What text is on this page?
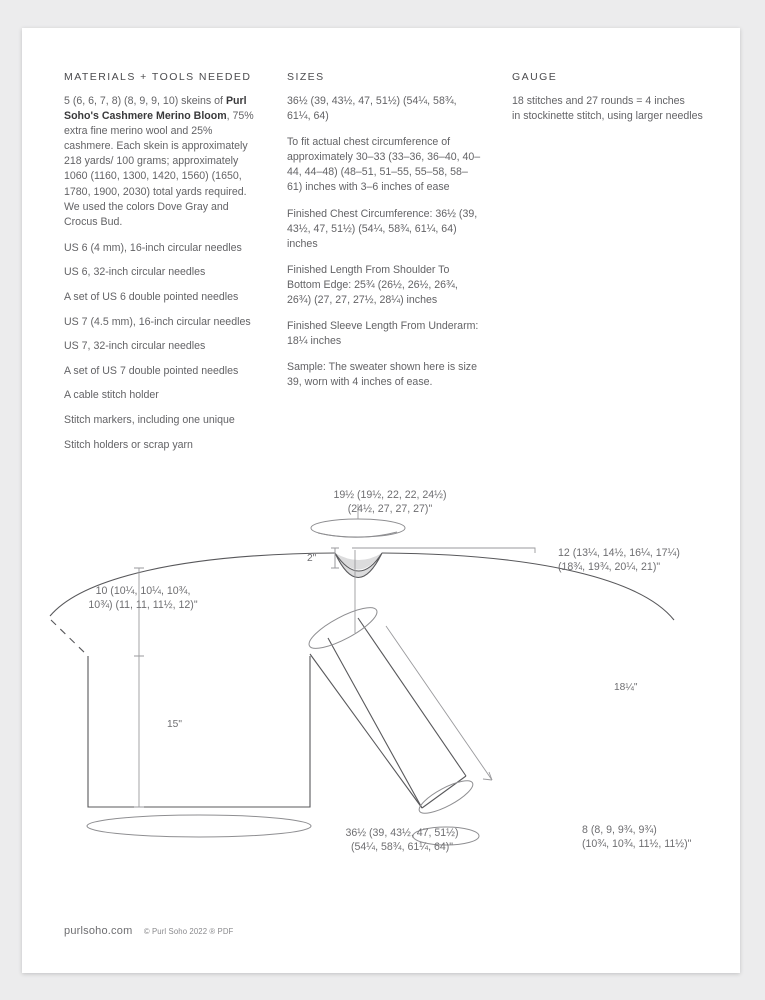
MATERIALS + TOOLS NEEDED

5 (6, 6, 7, 8) (8, 9, 9, 10) skeins of Purl Soho's Cashmere Merino Bloom, 75% extra fine merino wool and 25% cashmere. Each skein is approximately 218 yards/ 100 grams; approximately 1060 (1160, 1300, 1420, 1560) (1650, 1780, 1900, 2030) total yards required. We used the colors Dove Gray and Crocus Bud.

US 6 (4 mm), 16-inch circular needles

US 6, 32-inch circular needles

A set of US 6 double pointed needles

US 7 (4.5 mm), 16-inch circular needles

US 7, 32-inch circular needles

A set of US 7 double pointed needles

A cable stitch holder

Stitch markers, including one unique

Stitch holders or scrap yarn

SIZES

36½ (39, 43½, 47, 51½) (54¼, 58¾, 61¼, 64)

To fit actual chest circumference of approximately 30–33 (33–36, 36–40, 40–44, 44–48) (48–51, 51–55, 55–58, 58–61) inches with 3–6 inches of ease

Finished Chest Circumference: 36½ (39, 43½, 47, 51½) (54¼, 58¾, 61¼, 64) inches

Finished Length From Shoulder To Bottom Edge: 25¾ (26½, 26½, 26¾, 26¾) (27, 27, 27½, 28¼) inches

Finished Sleeve Length From Underarm: 18¼ inches

Sample: The sweater shown here is size 39, worn with 4 inches of ease.

GAUGE

18 stitches and 27 rounds = 4 inches

in stockinette stitch, using larger needles

19½ (19½, 22, 22, 24½)
(24½, 27, 27, 27)"
10 (10¼, 10¼, 10¾,
10¾) (11, 11, 11½, 12)"
12 (13¼, 14½, 16¼, 17¼)
(18¾, 19¾, 20¼, 21)"
2"
15"
18¼"
36½ (39, 43½, 47, 51½)
(54¼, 58¾, 61¼, 64)"
8 (8, 9, 9¾, 9¾)
(10¾, 10¾, 11½, 11½)"
purlsoho.com © Purl Soho 2022 ® PDF
